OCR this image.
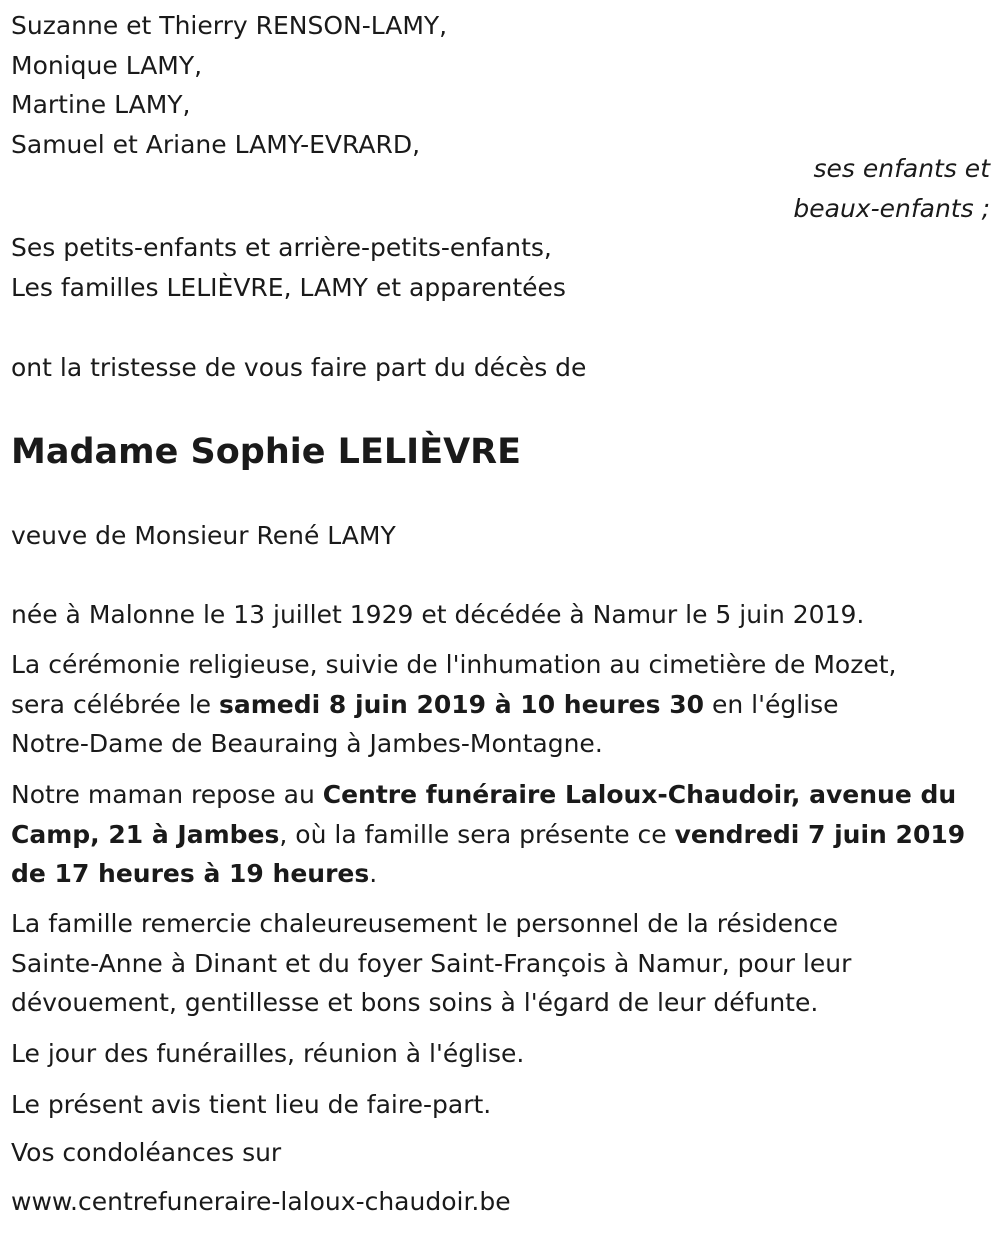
Suzanne et Thierry RENSON-LAMY,
Monique LAMY,
Martine LAMY,
Samuel et Ariane LAMY-EVRARD,
ses enfants et
beaux-enfants ;
Ses petits-enfants et arrière-petits-enfants,
Les familles LELIÈVRE, LAMY et apparentées
ont la tristesse de vous faire part du décès de
Madame Sophie LELIÈVRE
veuve de Monsieur René LAMY
née à Malonne le 13 juillet 1929 et décédée à Namur le 5 juin 2019.
La cérémonie religieuse, suivie de l'inhumation au cimetière de Mozet,
sera célébrée le samedi 8 juin 2019 à 10 heures 30 en l'église
Notre-Dame de Beauraing à Jambes-Montagne.
Notre maman repose au Centre funéraire Laloux-Chaudoir, avenue du
Camp, 21 à Jambes, où la famille sera présente ce vendredi 7 juin 2019
de 17 heures à 19 heures.
La famille remercie chaleureusement le personnel de la résidence
Sainte-Anne à Dinant et du foyer Saint-François à Namur, pour leur
dévouement, gentillesse et bons soins à l'égard de leur défunte.
Le jour des funérailles, réunion à l'église.
Le présent avis tient lieu de faire-part.
Vos condoléances sur
www.centrefuneraire-laloux-chaudoir.be
